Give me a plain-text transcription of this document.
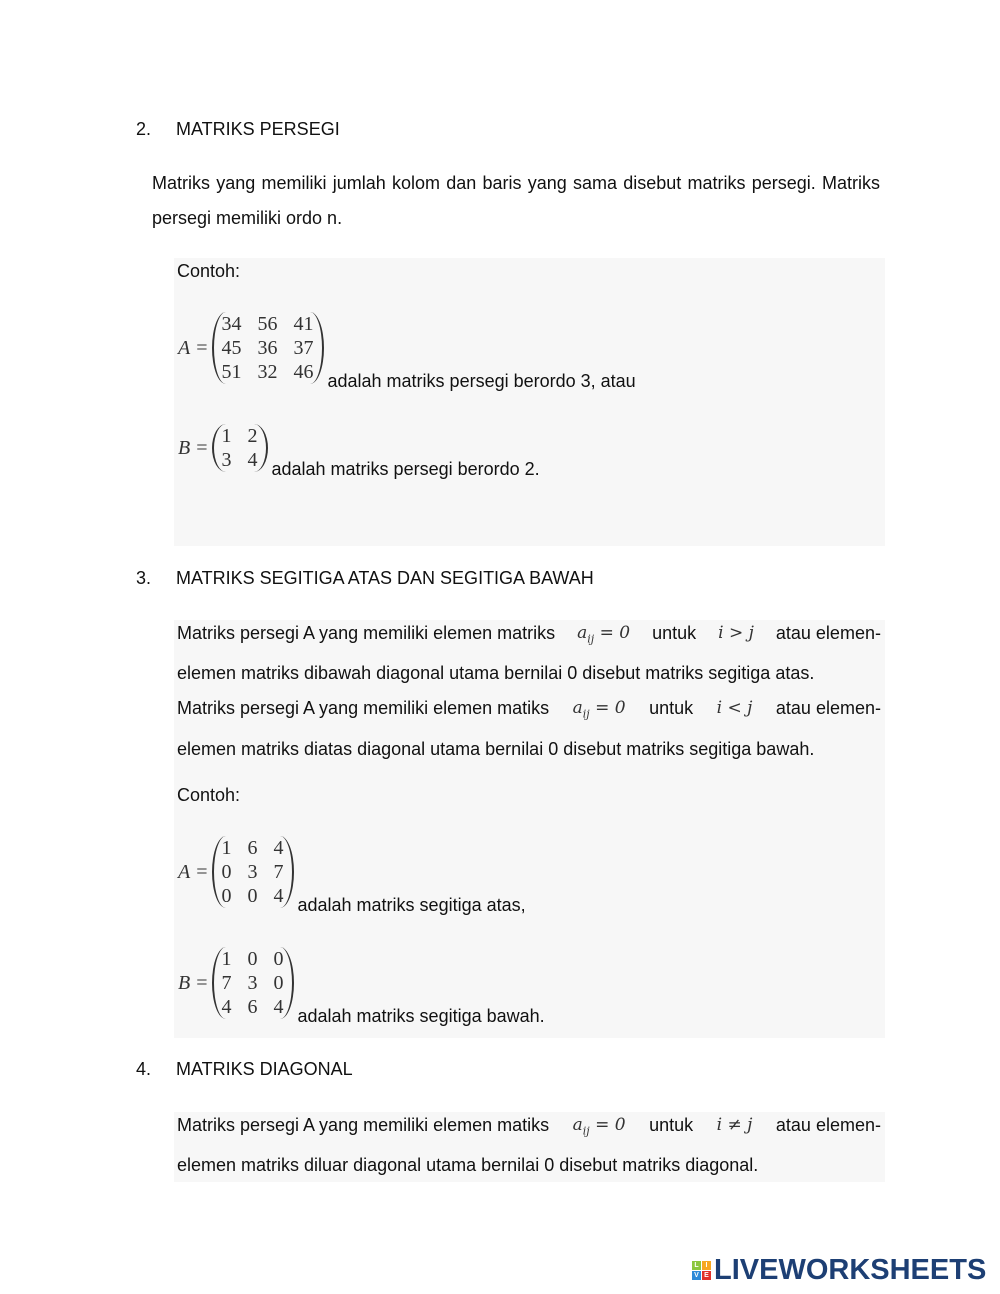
2. MATRIKS PERSEGI
Matriks yang memiliki jumlah kolom dan baris yang sama disebut matriks persegi. Matriks persegi memiliki ordo n.
Contoh:
A =
34 56 41
45 36 37
51 32 46 adalah matriks persegi berordo 3, atau
B =
1 2
3 4 adalah matriks persegi berordo 2.
3. MATRIKS SEGITIGA ATAS DAN SEGITIGA BAWAH
Matriks persegi A yang memiliki elemen matriks $a_{ij} = 0$ untuk i > j atau elemen-
elemen matriks dibawah diagonal utama bernilai 0 disebut matriks segitiga atas.
Matriks persegi A yang memiliki elemen matiks $a_{ij} = 0$ untuk i < j atau elemen-
elemen matriks diatas diagonal utama bernilai 0 disebut matriks segitiga bawah.
Contoh:
A =
1 6 4
0 3 7
0 0 4 adalah matriks segitiga atas,
B =
1 0 0
7 3 0
4 6 4 adalah matriks segitiga bawah.
4. MATRIKS DIAGONAL
Matriks persegi A yang memiliki elemen matiks $a_{ij} = 0$ untuk i ≠ j atau elemen-
elemen matriks diluar diagonal utama bernilai 0 disebut matriks diagonal.
L I
V E LIVEWORKSHEETS
